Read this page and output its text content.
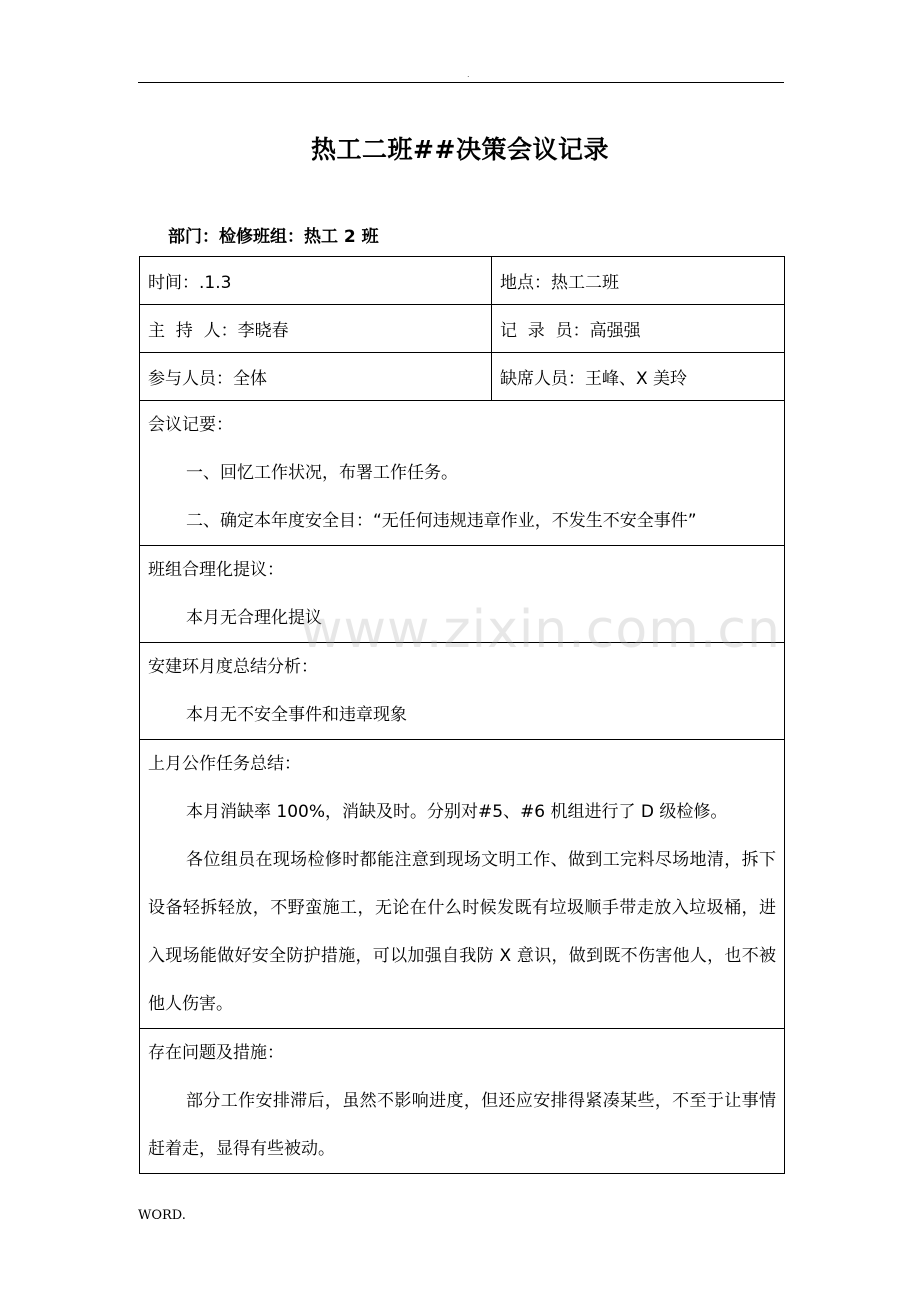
.
热工二班##决策会议记录
部门：检修班组：热工 2 班
时间：.1.3	地点：热工二班
主  持  人：李晓春	记  录  员：高强强
参与人员：全体	缺席人员：王峰、X 美玲

会议记要：
一、回忆工作状况，布署工作任务。
二、确定本年度安全目：“无任何违规违章作业，不发生不安全事件”	

班组合理化提议：
本月无合理化提议	

安建环月度总结分析：
本月无不安全事件和违章现象	

上月公作任务总结：
本月消缺率 100%，消缺及时。分别对#5、#6 机组进行了 D 级检修。

各位组员在现场检修时都能注意到现场文明工作、做到工完料尽场地清，拆下设备轻拆轻放，不野蛮施工，无论在什么时候发既有垃圾顺手带走放入垃圾桶，进入现场能做好安全防护措施，可以加强自我防 X 意识，做到既不伤害他人，也不被他人伤害。	

存在问题及措施：

部分工作安排滞后，虽然不影响进度，但还应安排得紧凑某些，不至于让事情赶着走，显得有些被动。	

www.zixin.com.cn
WORD.
